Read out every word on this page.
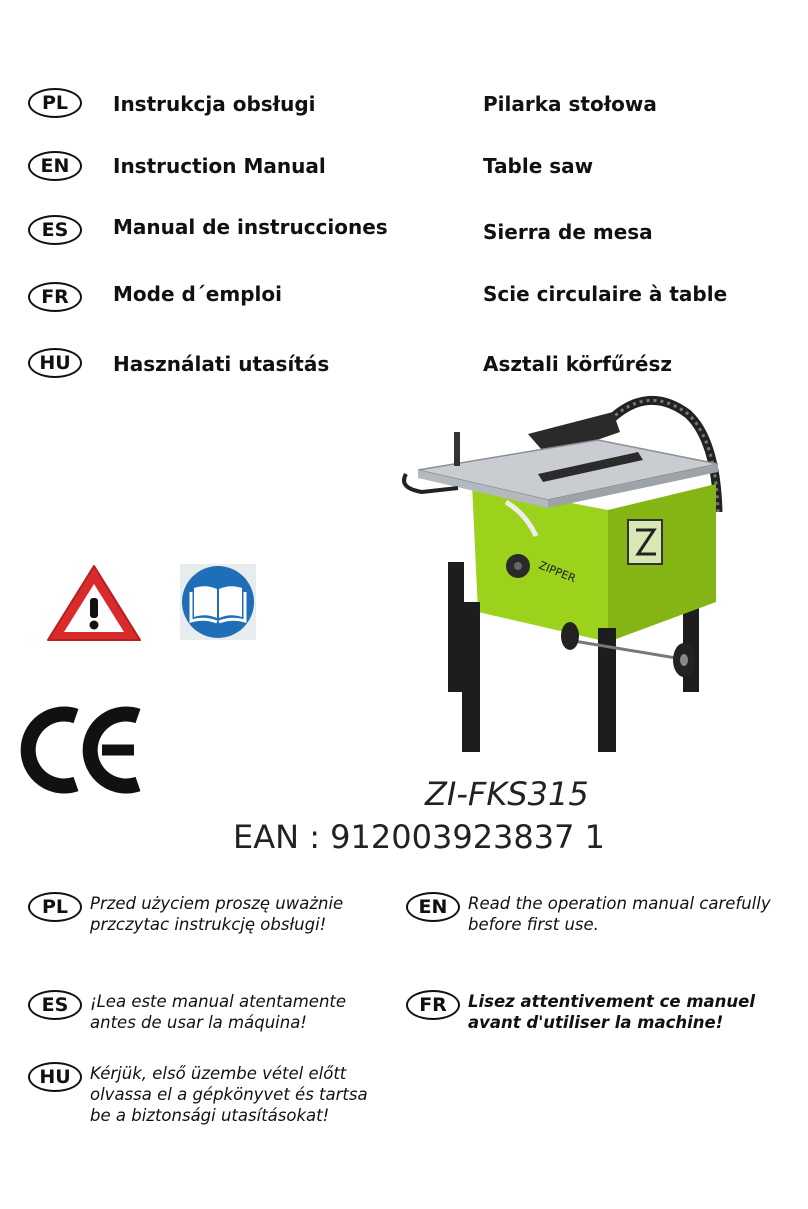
PL	Instrukcja obsługi	Pilarka stołowa
EN	Instruction Manual	Table saw
ES	Manual de instrucciones	Sierra de mesa
FR	Mode d´emploi	Scie circulaire à table
HU	Használati utasítás	Asztali körfűrész
ZIPPER
ZI-FKS315
EAN : 912003923837 1
PL	Przed użyciem proszę uważnie
przczytac instrukcję obsługi!
EN	Read the operation manual carefully
before first use.
ES	¡Lea este manual atentamente
antes de usar la máquina!
FR	Lisez attentivement ce manuel
avant d'utiliser la machine!
HU	Kérjük, első üzembe vétel előtt
olvassa el a gépkönyvet és tartsa
be a biztonsági utasításokat!
